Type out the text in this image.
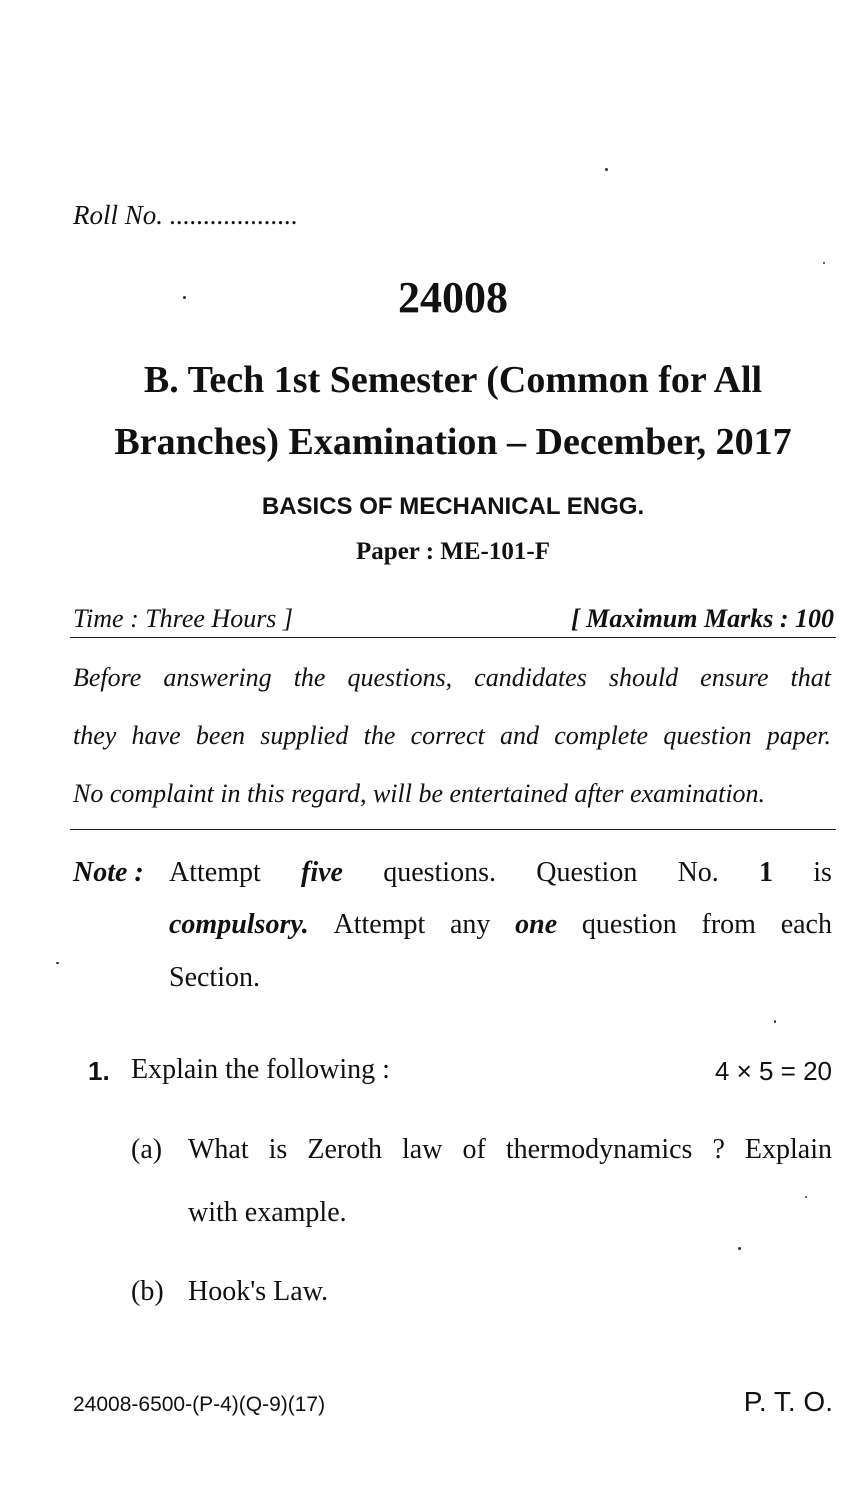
Roll No. ...................
24008
B. Tech 1st Semester (Common for All
Branches) Examination – December, 2017
BASICS OF MECHANICAL ENGG.
Paper : ME-101-F
Time : Three Hours ]	[ Maximum Marks : 100
Before answering the questions, candidates should ensure that
they have been supplied the correct and complete question paper.
No complaint in this regard, will be entertained after examination.
Note : Attempt five questions. Question No. 1 is
compulsory. Attempt any one question from each
Section.
1. Explain the following :	4 × 5 = 20
(a) What is Zeroth law of thermodynamics ? Explain
with example.
(b) Hook's Law.
24008-6500-(P-4)(Q-9)(17)	P. T. O.
